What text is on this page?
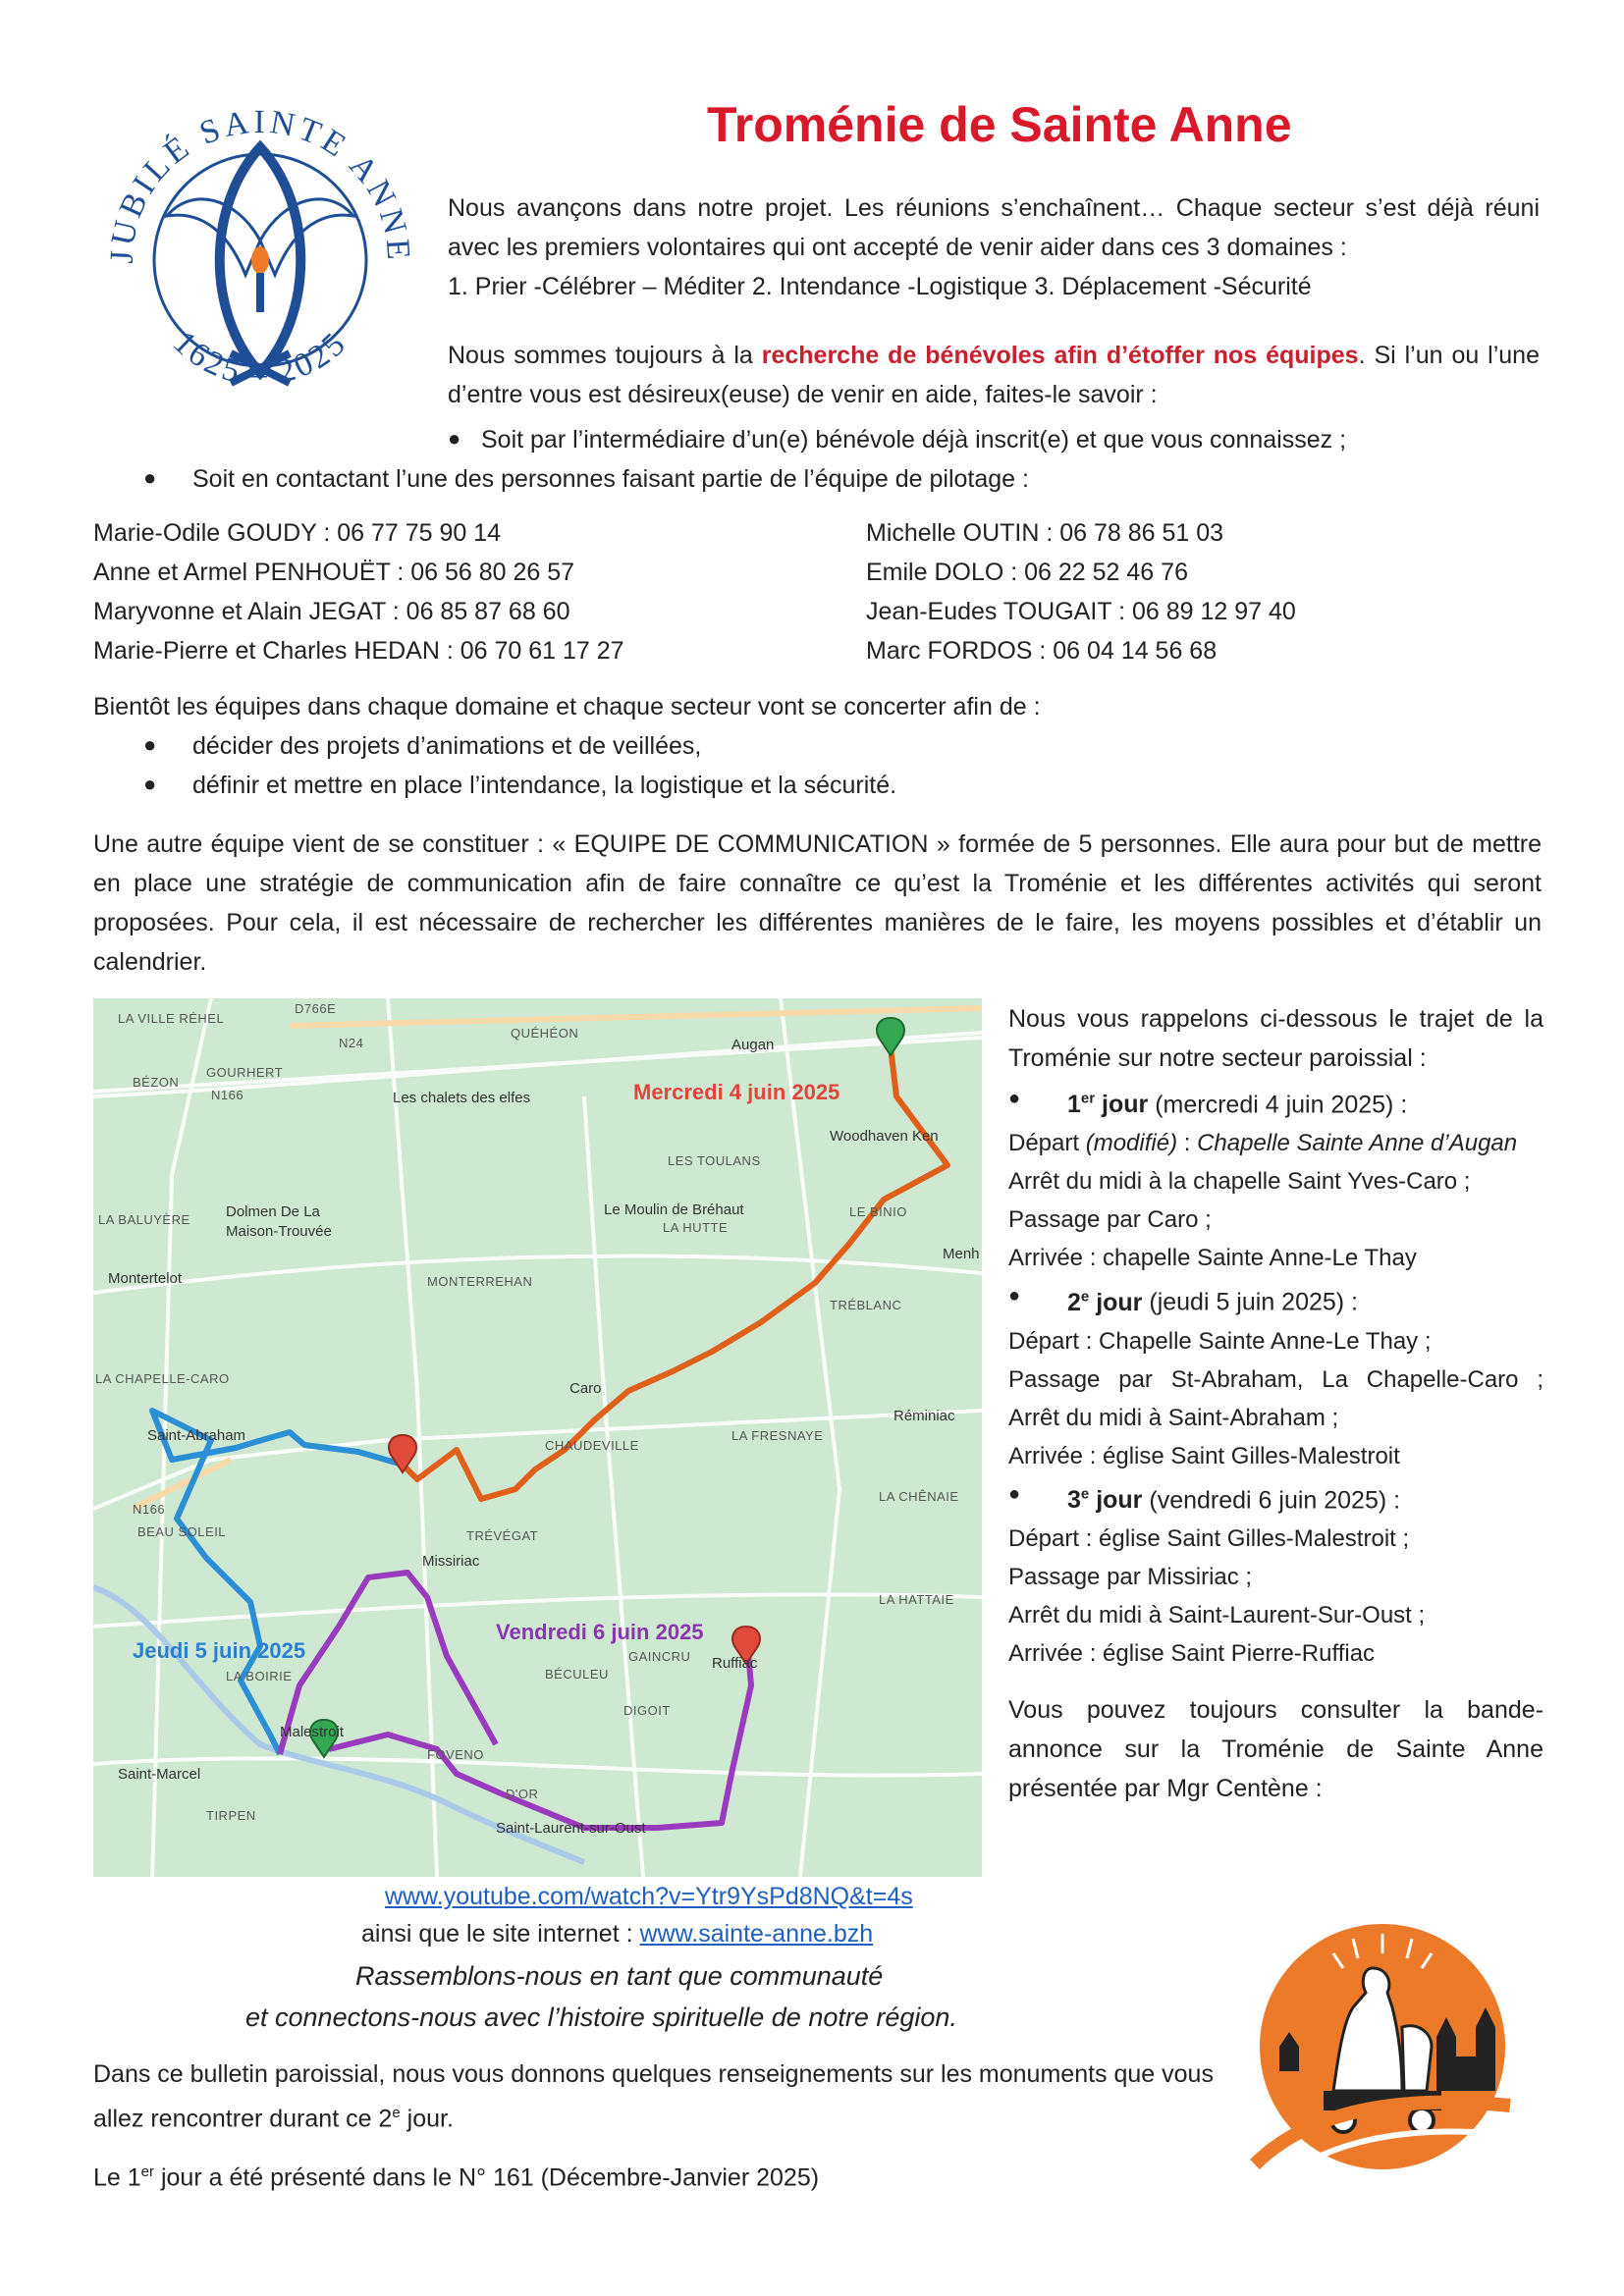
JUBILÉ SAINTE ANNE
1625 – 2025
Troménie de Sainte Anne
Nous avançons dans notre projet. Les réunions s’enchaînent… Chaque secteur s’est déjà réuni avec les premiers volontaires qui ont accepté de venir aider dans ces 3 domaines :
1. Prier -Célébrer – Méditer 2. Intendance -Logistique 3. Déplacement -Sécurité
Nous sommes toujours à la recherche de bénévoles afin d’étoffer nos équipes. Si l’un ou l’une d’entre vous est désireux(euse) de venir en aide, faites-le savoir :
● Soit par l’intermédiaire d’un(e) bénévole déjà inscrit(e) et que vous connaissez ;
● Soit en contactant l’une des personnes faisant partie de l’équipe de pilotage :
Marie-Odile GOUDY : 06 77 75 90 14
Anne et Armel PENHOUËT : 06 56 80 26 57
Maryvonne et Alain JEGAT : 06 85 87 68 60
Marie-Pierre et Charles HEDAN : 06 70 61 17 27
Michelle OUTIN : 06 78 86 51 03
Emile DOLO : 06 22 52 46 76
Jean-Eudes TOUGAIT : 06 89 12 97 40
Marc FORDOS : 06 04 14 56 68
Bientôt les équipes dans chaque domaine et chaque secteur vont se concerter afin de :
● décider des projets d’animations et de veillées,
● définir et mettre en place l’intendance, la logistique et la sécurité.
Une autre équipe vient de se constituer : « EQUIPE DE COMMUNICATION » formée de 5 personnes. Elle aura pour but de mettre en place une stratégie de communication afin de faire connaître ce qu’est la Troménie et les différentes activités qui seront proposées. Pour cela, il est nécessaire de rechercher les différentes manières de le faire, les moyens possibles et d’établir un calendrier.
Mercredi 4 juin 2025
Jeudi 5 juin 2025
Vendredi 6 juin 2025
LA VILLE RÉHEL
D766E
N24
QUÉHÉON
Augan
GOURHERT
BÉZON
N166	Les chalets des elfes
Woodhaven Ken
LES TOULANS
LA BALUYÈRE Dolmen De La
Maison-Trouvée
Le Moulin de Bréhaut
LA HUTTE
LE BINIO
Menh
Montertelot	MONTERREHAN
TRÉBLANC
LA CHAPELLE-CARO
Caro
Saint-Abraham
CHAUDEVILLE
LA FRESNAYE
Réminiac
N166
LA CHÊNAIE
BEAU SOLEIL	TRÉVÉGAT
Missiriac
LA HATTAIE
LA BOIRIE	BÉCULEU
GAINCRU Ruffiac
DIGOIT
Malestroit
Saint-Marcel
FOVENO
D'OR
TIRPEN
Saint-Laurent-sur-Oust
Nous vous rappelons ci-dessous le trajet de la Troménie sur notre secteur paroissial :
● 1er jour (mercredi 4 juin 2025) :
Départ (modifié) : Chapelle Sainte Anne d’Augan
Arrêt du midi à la chapelle Saint Yves-Caro ;
Passage par Caro ;
Arrivée : chapelle Sainte Anne-Le Thay
● 2e jour (jeudi 5 juin 2025) :
Départ : Chapelle Sainte Anne-Le Thay ;
Passage par St-Abraham, La Chapelle-Caro ;
Arrêt du midi à Saint-Abraham ;
Arrivée : église Saint Gilles-Malestroit
● 3e jour (vendredi 6 juin 2025) :
Départ : église Saint Gilles-Malestroit ;
Passage par Missiriac ;
Arrêt du midi à Saint-Laurent-Sur-Oust ;
Arrivée : église Saint Pierre-Ruffiac
Vous pouvez toujours consulter la bande-annonce sur la Troménie de Sainte Anne présentée par Mgr Centène :
www.youtube.com/watch?v=Ytr9YsPd8NQ&t=4s
ainsi que le site internet : www.sainte-anne.bzh
Rassemblons-nous en tant que communauté
et connectons-nous avec l’histoire spirituelle de notre région.
Dans ce bulletin paroissial, nous vous donnons quelques renseignements sur les monuments que vous allez rencontrer durant ce 2e jour.
Le 1er jour a été présenté dans le N° 161 (Décembre-Janvier 2025)
